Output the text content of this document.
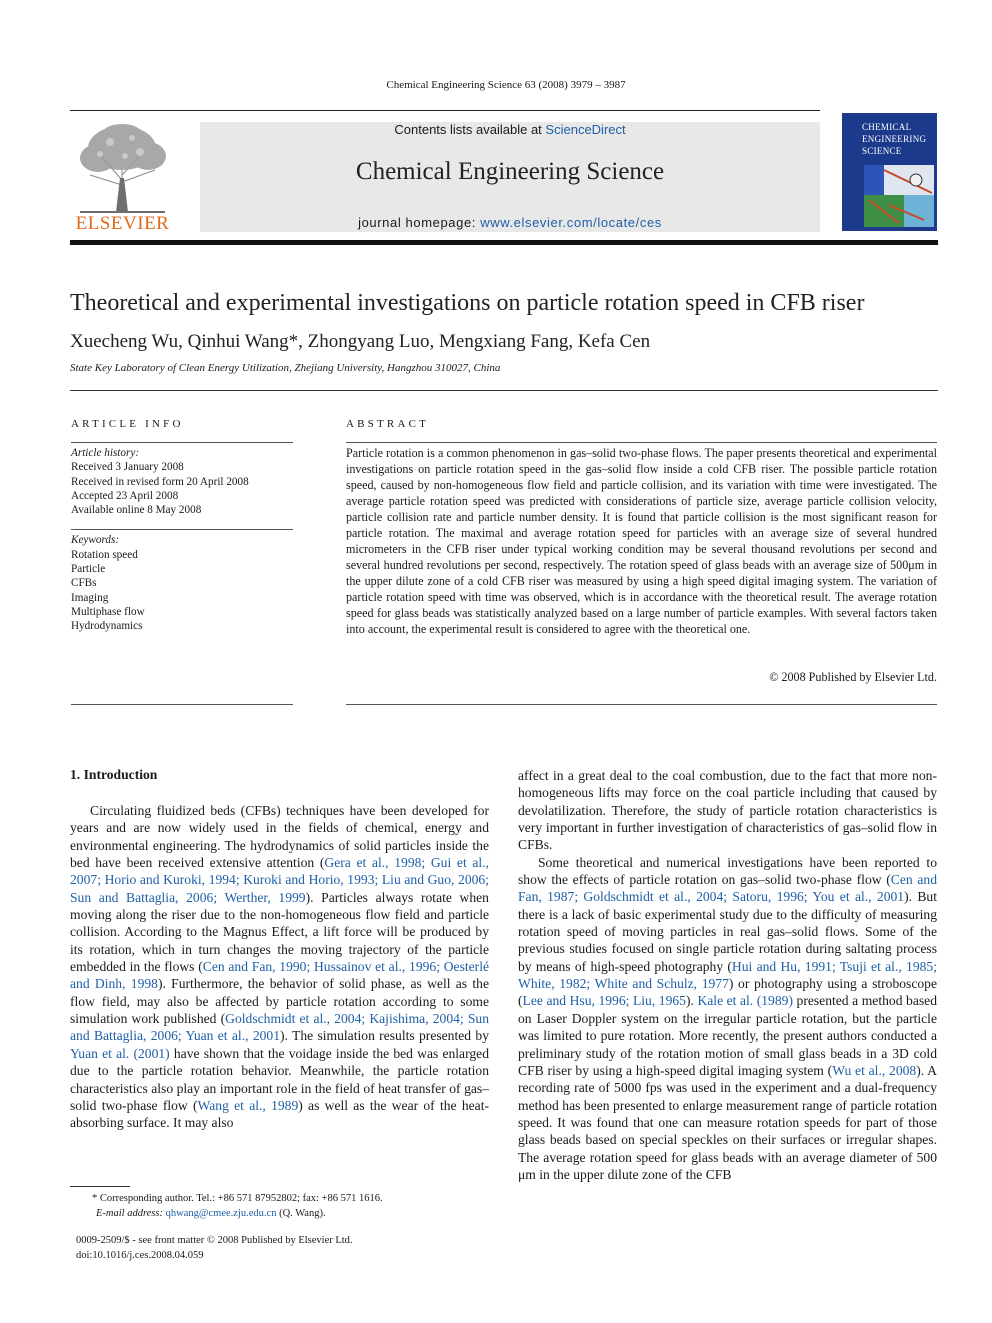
Chemical Engineering Science 63 (2008) 3979 – 3987
ELSEVIER
Contents lists available at ScienceDirect
Chemical Engineering Science
journal homepage: www.elsevier.com/locate/ces
CHEMICAL
ENGINEERING
SCIENCE
Theoretical and experimental investigations on particle rotation speed in CFB riser
Xuecheng Wu, Qinhui Wang*, Zhongyang Luo, Mengxiang Fang, Kefa Cen
State Key Laboratory of Clean Energy Utilization, Zhejiang University, Hangzhou 310027, China
ARTICLE INFO
Article history:
Received 3 January 2008
Received in revised form 20 April 2008
Accepted 23 April 2008
Available online 8 May 2008
Keywords:
Rotation speed
Particle
CFBs
Imaging
Multiphase flow
Hydrodynamics
ABSTRACT
Particle rotation is a common phenomenon in gas–solid two-phase flows. The paper presents theoretical and experimental investigations on particle rotation speed in the gas–solid flow inside a cold CFB riser. The possible particle rotation speed, caused by non-homogeneous flow field and particle collision, and its variation with time were investigated. The average particle rotation speed was predicted with considerations of particle size, average particle collision velocity, particle collision rate and particle number density. It is found that particle collision is the most significant reason for particle rotation. The maximal and average rotation speed for particles with an average size of several hundred micrometers in the CFB riser under typical working condition may be several thousand revolutions per second and several hundred revolutions per second, respectively. The rotation speed of glass beads with an average size of 500μm in the upper dilute zone of a cold CFB riser was measured by using a high speed digital imaging system. The variation of particle rotation speed with time was observed, which is in accordance with the theoretical result. The average rotation speed for glass beads was statistically analyzed based on a large number of particle examples. With several factors taken into account, the experimental result is considered to agree with the theoretical one.
© 2008 Published by Elsevier Ltd.
1. Introduction

Circulating fluidized beds (CFBs) techniques have been developed for years and are now widely used in the fields of chemical, energy and environmental engineering. The hydrodynamics of solid particles inside the bed have been received extensive attention (Gera et al., 1998; Gui et al., 2007; Horio and Kuroki, 1994; Kuroki and Horio, 1993; Liu and Guo, 2006; Sun and Battaglia, 2006; Werther, 1999). Particles always rotate when moving along the riser due to the non-homogeneous flow field and particle collision. According to the Magnus Effect, a lift force will be produced by its rotation, which in turn changes the moving trajectory of the particle embedded in the flows (Cen and Fan, 1990; Hussainov et al., 1996; Oesterlé and Dinh, 1998). Furthermore, the behavior of solid phase, as well as the flow field, may also be affected by particle rotation according to some simulation work published (Goldschmidt et al., 2004; Kajishima, 2004; Sun and Battaglia, 2006; Yuan et al., 2001). The simulation results presented by Yuan et al. (2001) have shown that the voidage inside the bed was enlarged due to the particle rotation behavior. Meanwhile, the particle rotation characteristics also play an important role in the field of heat transfer of gas–solid two-phase flow (Wang et al., 1989) as well as the wear of the heat-absorbing surface. It may also

affect in a great deal to the coal combustion, due to the fact that more non-homogeneous lifts may force on the coal particle including that caused by devolatilization. Therefore, the study of particle rotation characteristics is very important in further investigation of characteristics of gas–solid flow in CFBs.

Some theoretical and numerical investigations have been reported to show the effects of particle rotation on gas–solid two-phase flow (Cen and Fan, 1987; Goldschmidt et al., 2004; Satoru, 1996; You et al., 2001). But there is a lack of basic experimental study due to the difficulty of measuring rotation speed of moving particles in real gas–solid flows. Some of the previous studies focused on single particle rotation during saltating process by means of high-speed photography (Hui and Hu, 1991; Tsuji et al., 1985; White, 1982; White and Schulz, 1977) or photography using a stroboscope (Lee and Hsu, 1996; Liu, 1965). Kale et al. (1989) presented a method based on Laser Doppler system on the irregular particle rotation, but the particle was limited to pure rotation. More recently, the present authors conducted a preliminary study of the rotation motion of small glass beads in a 3D cold CFB riser by using a high-speed digital imaging system (Wu et al., 2008). A recording rate of 5000 fps was used in the experiment and a dual-frequency method has been presented to enlarge measurement range of particle rotation speed. It was found that one can measure rotation speeds for part of those glass beads based on special speckles on their surfaces or irregular shapes. The average rotation speed for glass beads with an average diameter of 500 μm in the upper dilute zone of the CFB

* Corresponding author. Tel.: +86 571 87952802; fax: +86 571 1616.
E-mail address: qhwang@cmee.zju.edu.cn (Q. Wang).
0009-2509/$ - see front matter © 2008 Published by Elsevier Ltd.
doi:10.1016/j.ces.2008.04.059
